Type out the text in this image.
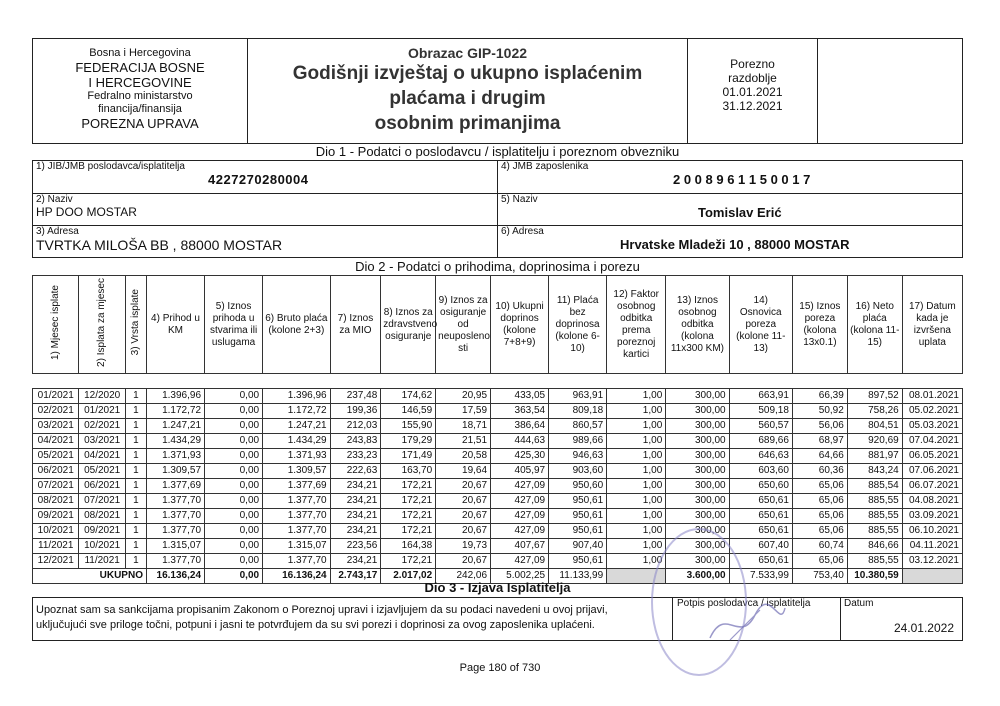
Bosna i Hercegovina
FEDERACIJA BOSNE
I HERCEGOVINE
Fedralno ministarstvo
financija/finansija
POREZNA UPRAVA
Obrazac GIP-1022
Godišnji izvještaj o ukupno isplaćenim
plaćama i drugim
osobnim primanjima
Porezno
razdoblje
01.01.2021
31.12.2021
Dio 1 - Podatci o poslodavcu / isplatitelju i poreznom obvezniku
1) JIB/JMB poslodavca/isplatitelja
4227270280004
4) JMB zaposlenika
2 0 0 8 9 6 1 1 5 0 0 1 7
2) Naziv
HP DOO MOSTAR
5) Naziv
Tomislav Erić
3) Adresa
TVRTKA MILOŠA BB , 88000 MOSTAR
6) Adresa
Hrvatske Mladeži 10 , 88000 MOSTAR
Dio 2 - Podatci o prihodima, doprinosima i porezu
1) Mjesec isplate	2) Isplata za mjesec	3) Vrsta isplate	4) Prihod u KM	5) Iznos prihoda u stvarima ili uslugama	6) Bruto plaća (kolone 2+3)	7) Iznos za MIO	8) Iznos za zdravstveno osiguranje	9) Iznos za osiguranje od neuposleno sti	10) Ukupni doprinos (kolone 7+8+9)	11) Plaća bez doprinosa (kolone 6-10)	12) Faktor osobnog odbitka prema poreznoj kartici	13) Iznos osobnog odbitka (kolona 11x300 KM)	14) Osnovica poreza (kolone 11-13)	15) Iznos poreza (kolona 13x0.1)	16) Neto plaća (kolona 11-15)	17) Datum kada je izvršena uplata

01/2021	12/2020	1	1.396,96	0,00	1.396,96	237,48	174,62	20,95	433,05	963,91	1,00	300,00	663,91	66,39	897,52	08.01.2021
02/2021	01/2021	1	1.172,72	0,00	1.172,72	199,36	146,59	17,59	363,54	809,18	1,00	300,00	509,18	50,92	758,26	05.02.2021
03/2021	02/2021	1	1.247,21	0,00	1.247,21	212,03	155,90	18,71	386,64	860,57	1,00	300,00	560,57	56,06	804,51	05.03.2021
04/2021	03/2021	1	1.434,29	0,00	1.434,29	243,83	179,29	21,51	444,63	989,66	1,00	300,00	689,66	68,97	920,69	07.04.2021
05/2021	04/2021	1	1.371,93	0,00	1.371,93	233,23	171,49	20,58	425,30	946,63	1,00	300,00	646,63	64,66	881,97	06.05.2021
06/2021	05/2021	1	1.309,57	0,00	1.309,57	222,63	163,70	19,64	405,97	903,60	1,00	300,00	603,60	60,36	843,24	07.06.2021
07/2021	06/2021	1	1.377,69	0,00	1.377,69	234,21	172,21	20,67	427,09	950,60	1,00	300,00	650,60	65,06	885,54	06.07.2021
08/2021	07/2021	1	1.377,70	0,00	1.377,70	234,21	172,21	20,67	427,09	950,61	1,00	300,00	650,61	65,06	885,55	04.08.2021
09/2021	08/2021	1	1.377,70	0,00	1.377,70	234,21	172,21	20,67	427,09	950,61	1,00	300,00	650,61	65,06	885,55	03.09.2021
10/2021	09/2021	1	1.377,70	0,00	1.377,70	234,21	172,21	20,67	427,09	950,61	1,00	300,00	650,61	65,06	885,55	06.10.2021
11/2021	10/2021	1	1.315,07	0,00	1.315,07	223,56	164,38	19,73	407,67	907,40	1,00	300,00	607,40	60,74	846,66	04.11.2021
12/2021	11/2021	1	1.377,70	0,00	1.377,70	234,21	172,21	20,67	427,09	950,61	1,00	300,00	650,61	65,06	885,55	03.12.2021
UKUPNO			16.136,24	0,00	16.136,24	2.743,17	2.017,02	242,06	5.002,25	11.133,99		3.600,00	7.533,99	753,40	10.380,59	
Dio 3 - Izjava Isplatitelja
Upoznat sam sa sankcijama propisanim Zakonom o Poreznoj upravi i izjavljujem da su podaci navedeni u ovoj prijavi,
uključujući sve priloge točni, potpuni i jasni te potvrđujem da su svi porezi i doprinosi za ovog zaposlenika uplaćeni.
Potpis poslodavca / isplatitelja	Datum
24.01.2022
Page 180 of 730
